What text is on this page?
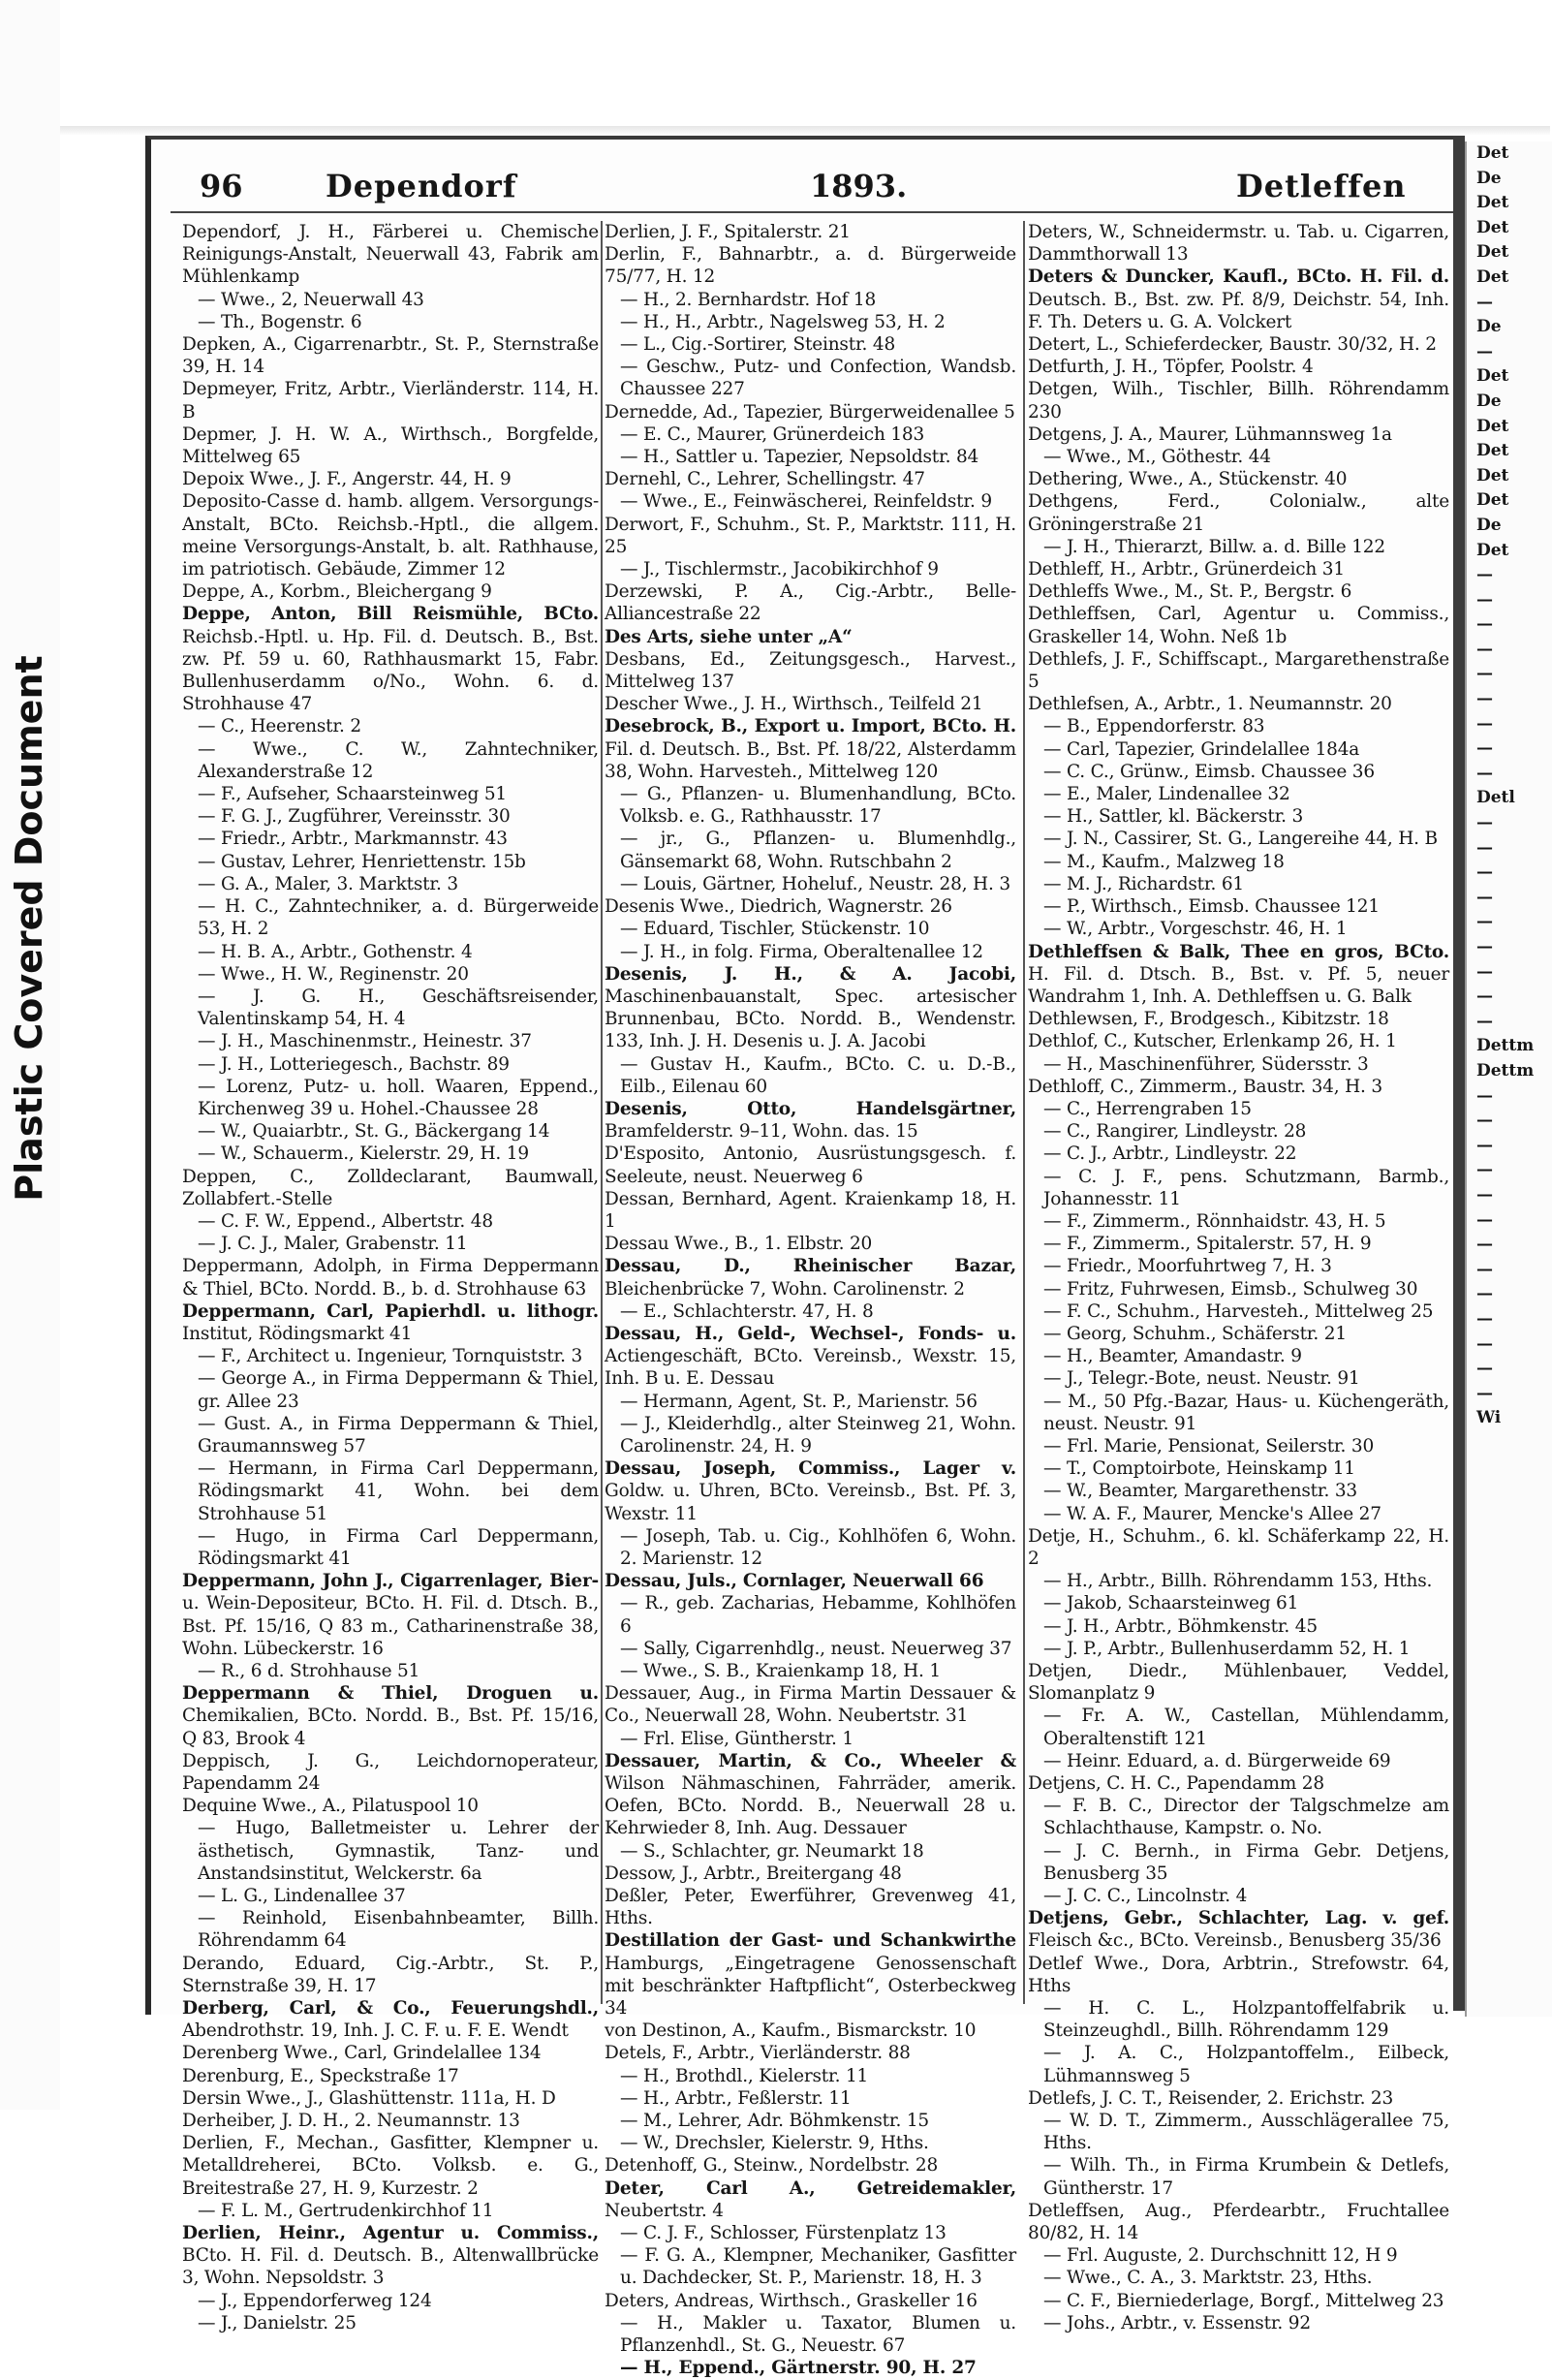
Plastic Covered Document
96	Dependorf	1893.	Detleffen

Dependorf, J. H., Färberei u. Chemische Reinigungs-Anstalt, Neuerwall 43, Fabrik am Mühlenkamp

— Wwe., 2, Neuerwall 43

— Th., Bogenstr. 6

Depken, A., Cigarrenarbtr., St. P., Sternstraße 39, H. 14

Depmeyer, Fritz, Arbtr., Vierländerstr. 114, H. B

Depmer, J. H. W. A., Wirthsch., Borgfelde, Mittelweg 65

Depoix Wwe., J. F., Angerstr. 44, H. 9

Deposito-Casse d. hamb. allgem. Versorgungs-Anstalt, BCto. Reichsb.-Hptl., die allgem. meine Versorgungs-Anstalt, b. alt. Rathhause, im patriotisch. Gebäude, Zimmer 12

Deppe, A., Korbm., Bleichergang 9

Deppe, Anton, Bill Reismühle, BCto. Reichsb.-Hptl. u. Hp. Fil. d. Deutsch. B., Bst. zw. Pf. 59 u. 60, Rathhausmarkt 15, Fabr. Bullenhuserdamm o/No., Wohn. 6. d. Strohhause 47

— C., Heerenstr. 2

— Wwe., C. W., Zahntechniker, Alexanderstraße 12

— F., Aufseher, Schaarsteinweg 51

— F. G. J., Zugführer, Vereinsstr. 30

— Friedr., Arbtr., Markmannstr. 43

— Gustav, Lehrer, Henriettenstr. 15b

— G. A., Maler, 3. Marktstr. 3

— H. C., Zahntechniker, a. d. Bürgerweide 53, H. 2

— H. B. A., Arbtr., Gothenstr. 4

— Wwe., H. W., Reginenstr. 20

— J. G. H., Geschäftsreisender, Valentinskamp 54, H. 4

— J. H., Maschinenmstr., Heinestr. 37

— J. H., Lotteriegesch., Bachstr. 89

— Lorenz, Putz- u. holl. Waaren, Eppend., Kirchenweg 39 u. Hohel.-Chaussee 28

— W., Quaiarbtr., St. G., Bäckergang 14

— W., Schauerm., Kielerstr. 29, H. 19

Deppen, C., Zolldeclarant, Baumwall, Zollabfert.-Stelle

— C. F. W., Eppend., Albertstr. 48

— J. C. J., Maler, Grabenstr. 11

Deppermann, Adolph, in Firma Deppermann & Thiel, BCto. Nordd. B., b. d. Strohhause 63

Deppermann, Carl, Papierhdl. u. lithogr. Institut, Rödingsmarkt 41

— F., Architect u. Ingenieur, Tornquiststr. 3

— George A., in Firma Deppermann & Thiel, gr. Allee 23

— Gust. A., in Firma Deppermann & Thiel, Graumannsweg 57

— Hermann, in Firma Carl Deppermann, Rödingsmarkt 41, Wohn. bei dem Strohhause 51

— Hugo, in Firma Carl Deppermann, Rödingsmarkt 41

Deppermann, John J., Cigarrenlager, Bier- u. Wein-Depositeur, BCto. H. Fil. d. Dtsch. B., Bst. Pf. 15/16, Q 83 m., Catharinenstraße 38, Wohn. Lübeckerstr. 16

— R., 6 d. Strohhause 51

Deppermann & Thiel, Droguen u. Chemikalien, BCto. Nordd. B., Bst. Pf. 15/16, Q 83, Brook 4

Deppisch, J. G., Leichdornoperateur, Papendamm 24

Dequine Wwe., A., Pilatuspool 10

— Hugo, Balletmeister u. Lehrer der ästhetisch, Gymnastik, Tanz- und Anstandsinstitut, Welckerstr. 6a

— L. G., Lindenallee 37

— Reinhold, Eisenbahnbeamter, Billh. Röhrendamm 64

Derando, Eduard, Cig.-Arbtr., St. P., Sternstraße 39, H. 17

Derberg, Carl, & Co., Feuerungshdl., Abendrothstr. 19, Inh. J. C. F. u. F. E. Wendt

Derenberg Wwe., Carl, Grindelallee 134

Derenburg, E., Speckstraße 17

Dersin Wwe., J., Glashüttenstr. 111a, H. D

Derheiber, J. D. H., 2. Neumannstr. 13

Derlien, F., Mechan., Gasfitter, Klempner u. Metalldreherei, BCto. Volksb. e. G., Breitestraße 27, H. 9, Kurzestr. 2

— F. L. M., Gertrudenkirchhof 11

Derlien, Heinr., Agentur u. Commiss., BCto. H. Fil. d. Deutsch. B., Altenwallbrücke 3, Wohn. Nepsoldstr. 3

— J., Eppendorferweg 124

— J., Danielstr. 25

Derlien, J. F., Spitalerstr. 21

Derlin, F., Bahnarbtr., a. d. Bürgerweide 75/77, H. 12

— H., 2. Bernhardstr. Hof 18

— H., H., Arbtr., Nagelsweg 53, H. 2

— L., Cig.-Sortirer, Steinstr. 48

— Geschw., Putz- und Confection, Wandsb. Chaussee 227

Dernedde, Ad., Tapezier, Bürgerweidenallee 5

— E. C., Maurer, Grünerdeich 183

— H., Sattler u. Tapezier, Nepsoldstr. 84

Dernehl, C., Lehrer, Schellingstr. 47

— Wwe., E., Feinwäscherei, Reinfeldstr. 9

Derwort, F., Schuhm., St. P., Marktstr. 111, H. 25

— J., Tischlermstr., Jacobikirchhof 9

Derzewski, P. A., Cig.-Arbtr., Belle-Alliancestraße 22

Des Arts, siehe unter „A“

Desbans, Ed., Zeitungsgesch., Harvest., Mittelweg 137

Descher Wwe., J. H., Wirthsch., Teilfeld 21

Desebrock, B., Export u. Import, BCto. H. Fil. d. Deutsch. B., Bst. Pf. 18/22, Alsterdamm 38, Wohn. Harvesteh., Mittelweg 120

— G., Pflanzen- u. Blumenhandlung, BCto. Volksb. e. G., Rathhausstr. 17

— jr., G., Pflanzen- u. Blumenhdlg., Gänsemarkt 68, Wohn. Rutschbahn 2

— Louis, Gärtner, Hoheluf., Neustr. 28, H. 3

Desenis Wwe., Diedrich, Wagnerstr. 26

— Eduard, Tischler, Stückenstr. 10

— J. H., in folg. Firma, Oberaltenallee 12

Desenis, J. H., & A. Jacobi, Maschinenbauanstalt, Spec. artesischer Brunnenbau, BCto. Nordd. B., Wendenstr. 133, Inh. J. H. Desenis u. J. A. Jacobi

— Gustav H., Kaufm., BCto. C. u. D.-B., Eilb., Eilenau 60

Desenis, Otto, Handelsgärtner, Bramfelderstr. 9–11, Wohn. das. 15

D'Esposito, Antonio, Ausrüstungsgesch. f. Seeleute, neust. Neuerweg 6

Dessan, Bernhard, Agent. Kraienkamp 18, H. 1

Dessau Wwe., B., 1. Elbstr. 20

Dessau, D., Rheinischer Bazar, Bleichenbrücke 7, Wohn. Carolinenstr. 2

— E., Schlachterstr. 47, H. 8

Dessau, H., Geld-, Wechsel-, Fonds- u. Actiengeschäft, BCto. Vereinsb., Wexstr. 15, Inh. B u. E. Dessau

— Hermann, Agent, St. P., Marienstr. 56

— J., Kleiderhdlg., alter Steinweg 21, Wohn. Carolinenstr. 24, H. 9

Dessau, Joseph, Commiss., Lager v. Goldw. u. Uhren, BCto. Vereinsb., Bst. Pf. 3, Wexstr. 11

— Joseph, Tab. u. Cig., Kohlhöfen 6, Wohn. 2. Marienstr. 12

Dessau, Juls., Cornlager, Neuerwall 66

— R., geb. Zacharias, Hebamme, Kohlhöfen 6

— Sally, Cigarrenhdlg., neust. Neuerweg 37

— Wwe., S. B., Kraienkamp 18, H. 1

Dessauer, Aug., in Firma Martin Dessauer & Co., Neuerwall 28, Wohn. Neubertstr. 31

— Frl. Elise, Güntherstr. 1

Dessauer, Martin, & Co., Wheeler & Wilson Nähmaschinen, Fahrräder, amerik. Oefen, BCto. Nordd. B., Neuerwall 28 u. Kehrwieder 8, Inh. Aug. Dessauer

— S., Schlachter, gr. Neumarkt 18

Dessow, J., Arbtr., Breitergang 48

Deßler, Peter, Ewerführer, Grevenweg 41, Hths.

Destillation der Gast- und Schankwirthe Hamburgs, „Eingetragene Genossenschaft mit beschränkter Haftpflicht“, Osterbeckweg 34

von Destinon, A., Kaufm., Bismarckstr. 10

Detels, F., Arbtr., Vierländerstr. 88

— H., Brothdl., Kielerstr. 11

— H., Arbtr., Feßlerstr. 11

— M., Lehrer, Adr. Böhmkenstr. 15

— W., Drechsler, Kielerstr. 9, Hths.

Detenhoff, G., Steinw., Nordelbstr. 28

Deter, Carl A., Getreidemakler, Neubertstr. 4

— C. J. F., Schlosser, Fürstenplatz 13

— F. G. A., Klempner, Mechaniker, Gasfitter u. Dachdecker, St. P., Marienstr. 18, H. 3

Deters, Andreas, Wirthsch., Graskeller 16

— H., Makler u. Taxator, Blumen u. Pflanzenhdl., St. G., Neuestr. 67

— H., Eppend., Gärtnerstr. 90, H. 27

Deters, W., Schneidermstr. u. Tab. u. Cigarren, Dammthorwall 13

Deters & Duncker, Kaufl., BCto. H. Fil. d. Deutsch. B., Bst. zw. Pf. 8/9, Deichstr. 54, Inh. F. Th. Deters u. G. A. Volckert

Detert, L., Schieferdecker, Baustr. 30/32, H. 2

Detfurth, J. H., Töpfer, Poolstr. 4

Detgen, Wilh., Tischler, Billh. Röhrendamm 230

Detgens, J. A., Maurer, Lühmannsweg 1a

— Wwe., M., Göthestr. 44

Dethering, Wwe., A., Stückenstr. 40

Dethgens, Ferd., Colonialw., alte Gröningerstraße 21

— J. H., Thierarzt, Billw. a. d. Bille 122

Dethleff, H., Arbtr., Grünerdeich 31

Dethleffs Wwe., M., St. P., Bergstr. 6

Dethleffsen, Carl, Agentur u. Commiss., Graskeller 14, Wohn. Neß 1b

Dethlefs, J. F., Schiffscapt., Margarethenstraße 5

Dethlefsen, A., Arbtr., 1. Neumannstr. 20

— B., Eppendorferstr. 83

— Carl, Tapezier, Grindelallee 184a

— C. C., Grünw., Eimsb. Chaussee 36

— E., Maler, Lindenallee 32

— H., Sattler, kl. Bäckerstr. 3

— J. N., Cassirer, St. G., Langereihe 44, H. B

— M., Kaufm., Malzweg 18

— M. J., Richardstr. 61

— P., Wirthsch., Eimsb. Chaussee 121

— W., Arbtr., Vorgeschstr. 46, H. 1

Dethleffsen & Balk, Thee en gros, BCto. H. Fil. d. Dtsch. B., Bst. v. Pf. 5, neuer Wandrahm 1, Inh. A. Dethleffsen u. G. Balk

Dethlewsen, F., Brodgesch., Kibitzstr. 18

Dethlof, C., Kutscher, Erlenkamp 26, H. 1

— H., Maschinenführer, Südersstr. 3

Dethloff, C., Zimmerm., Baustr. 34, H. 3

— C., Herrengraben 15

— C., Rangirer, Lindleystr. 28

— C. J., Arbtr., Lindleystr. 22

— C. J. F., pens. Schutzmann, Barmb., Johannesstr. 11

— F., Zimmerm., Rönnhaidstr. 43, H. 5

— F., Zimmerm., Spitalerstr. 57, H. 9

— Friedr., Moorfuhrtweg 7, H. 3

— Fritz, Fuhrwesen, Eimsb., Schulweg 30

— F. C., Schuhm., Harvesteh., Mittelweg 25

— Georg, Schuhm., Schäferstr. 21

— H., Beamter, Amandastr. 9

— J., Telegr.-Bote, neust. Neustr. 91

— M., 50 Pfg.-Bazar, Haus- u. Küchengeräth, neust. Neustr. 91

— Frl. Marie, Pensionat, Seilerstr. 30

— T., Comptoirbote, Heinskamp 11

— W., Beamter, Margarethenstr. 33

— W. A. F., Maurer, Mencke's Allee 27

Detje, H., Schuhm., 6. kl. Schäferkamp 22, H. 2

— H., Arbtr., Billh. Röhrendamm 153, Hths.

— Jakob, Schaarsteinweg 61

— J. H., Arbtr., Böhmkenstr. 45

— J. P., Arbtr., Bullenhuserdamm 52, H. 1

Detjen, Diedr., Mühlenbauer, Veddel, Slomanplatz 9

— Fr. A. W., Castellan, Mühlendamm, Oberaltenstift 121

— Heinr. Eduard, a. d. Bürgerweide 69

Detjens, C. H. C., Papendamm 28

— F. B. C., Director der Talgschmelze am Schlachthause, Kampstr. o. No.

— J. C. Bernh., in Firma Gebr. Detjens, Benusberg 35

— J. C. C., Lincolnstr. 4

Detjens, Gebr., Schlachter, Lag. v. gef. Fleisch &c., BCto. Vereinsb., Benusberg 35/36

Detlef Wwe., Dora, Arbtrin., Strefowstr. 64, Hths

— H. C. L., Holzpantoffelfabrik u. Steinzeughdl., Billh. Röhrendamm 129

— J. A. C., Holzpantoffelm., Eilbeck, Lühmannsweg 5

Detlefs, J. C. T., Reisender, 2. Erichstr. 23

— W. D. T., Zimmerm., Ausschlägerallee 75, Hths.

— Wilh. Th., in Firma Krumbein & Detlefs, Güntherstr. 17

Detleffsen, Aug., Pferdearbtr., Fruchtallee 80/82, H. 14

— Frl. Auguste, 2. Durchschnitt 12, H 9

— Wwe., C. A., 3. Marktstr. 23, Hths.

— C. F., Bierniederlage, Borgf., Mittelweg 23

— Johs., Arbtr., v. Essenstr. 92

Det
De
Det
Det
Det
Det
—
De
—
Det
De
Det
Det
Det
Det
De
Det
—
—
—
—
—
—
—
—
—
Detl
—
—
—
—
—
—
—
—
—
Dettm
Dettm
—
—
—
—
—
—
—
—
—
—
—
—
—
Wi
